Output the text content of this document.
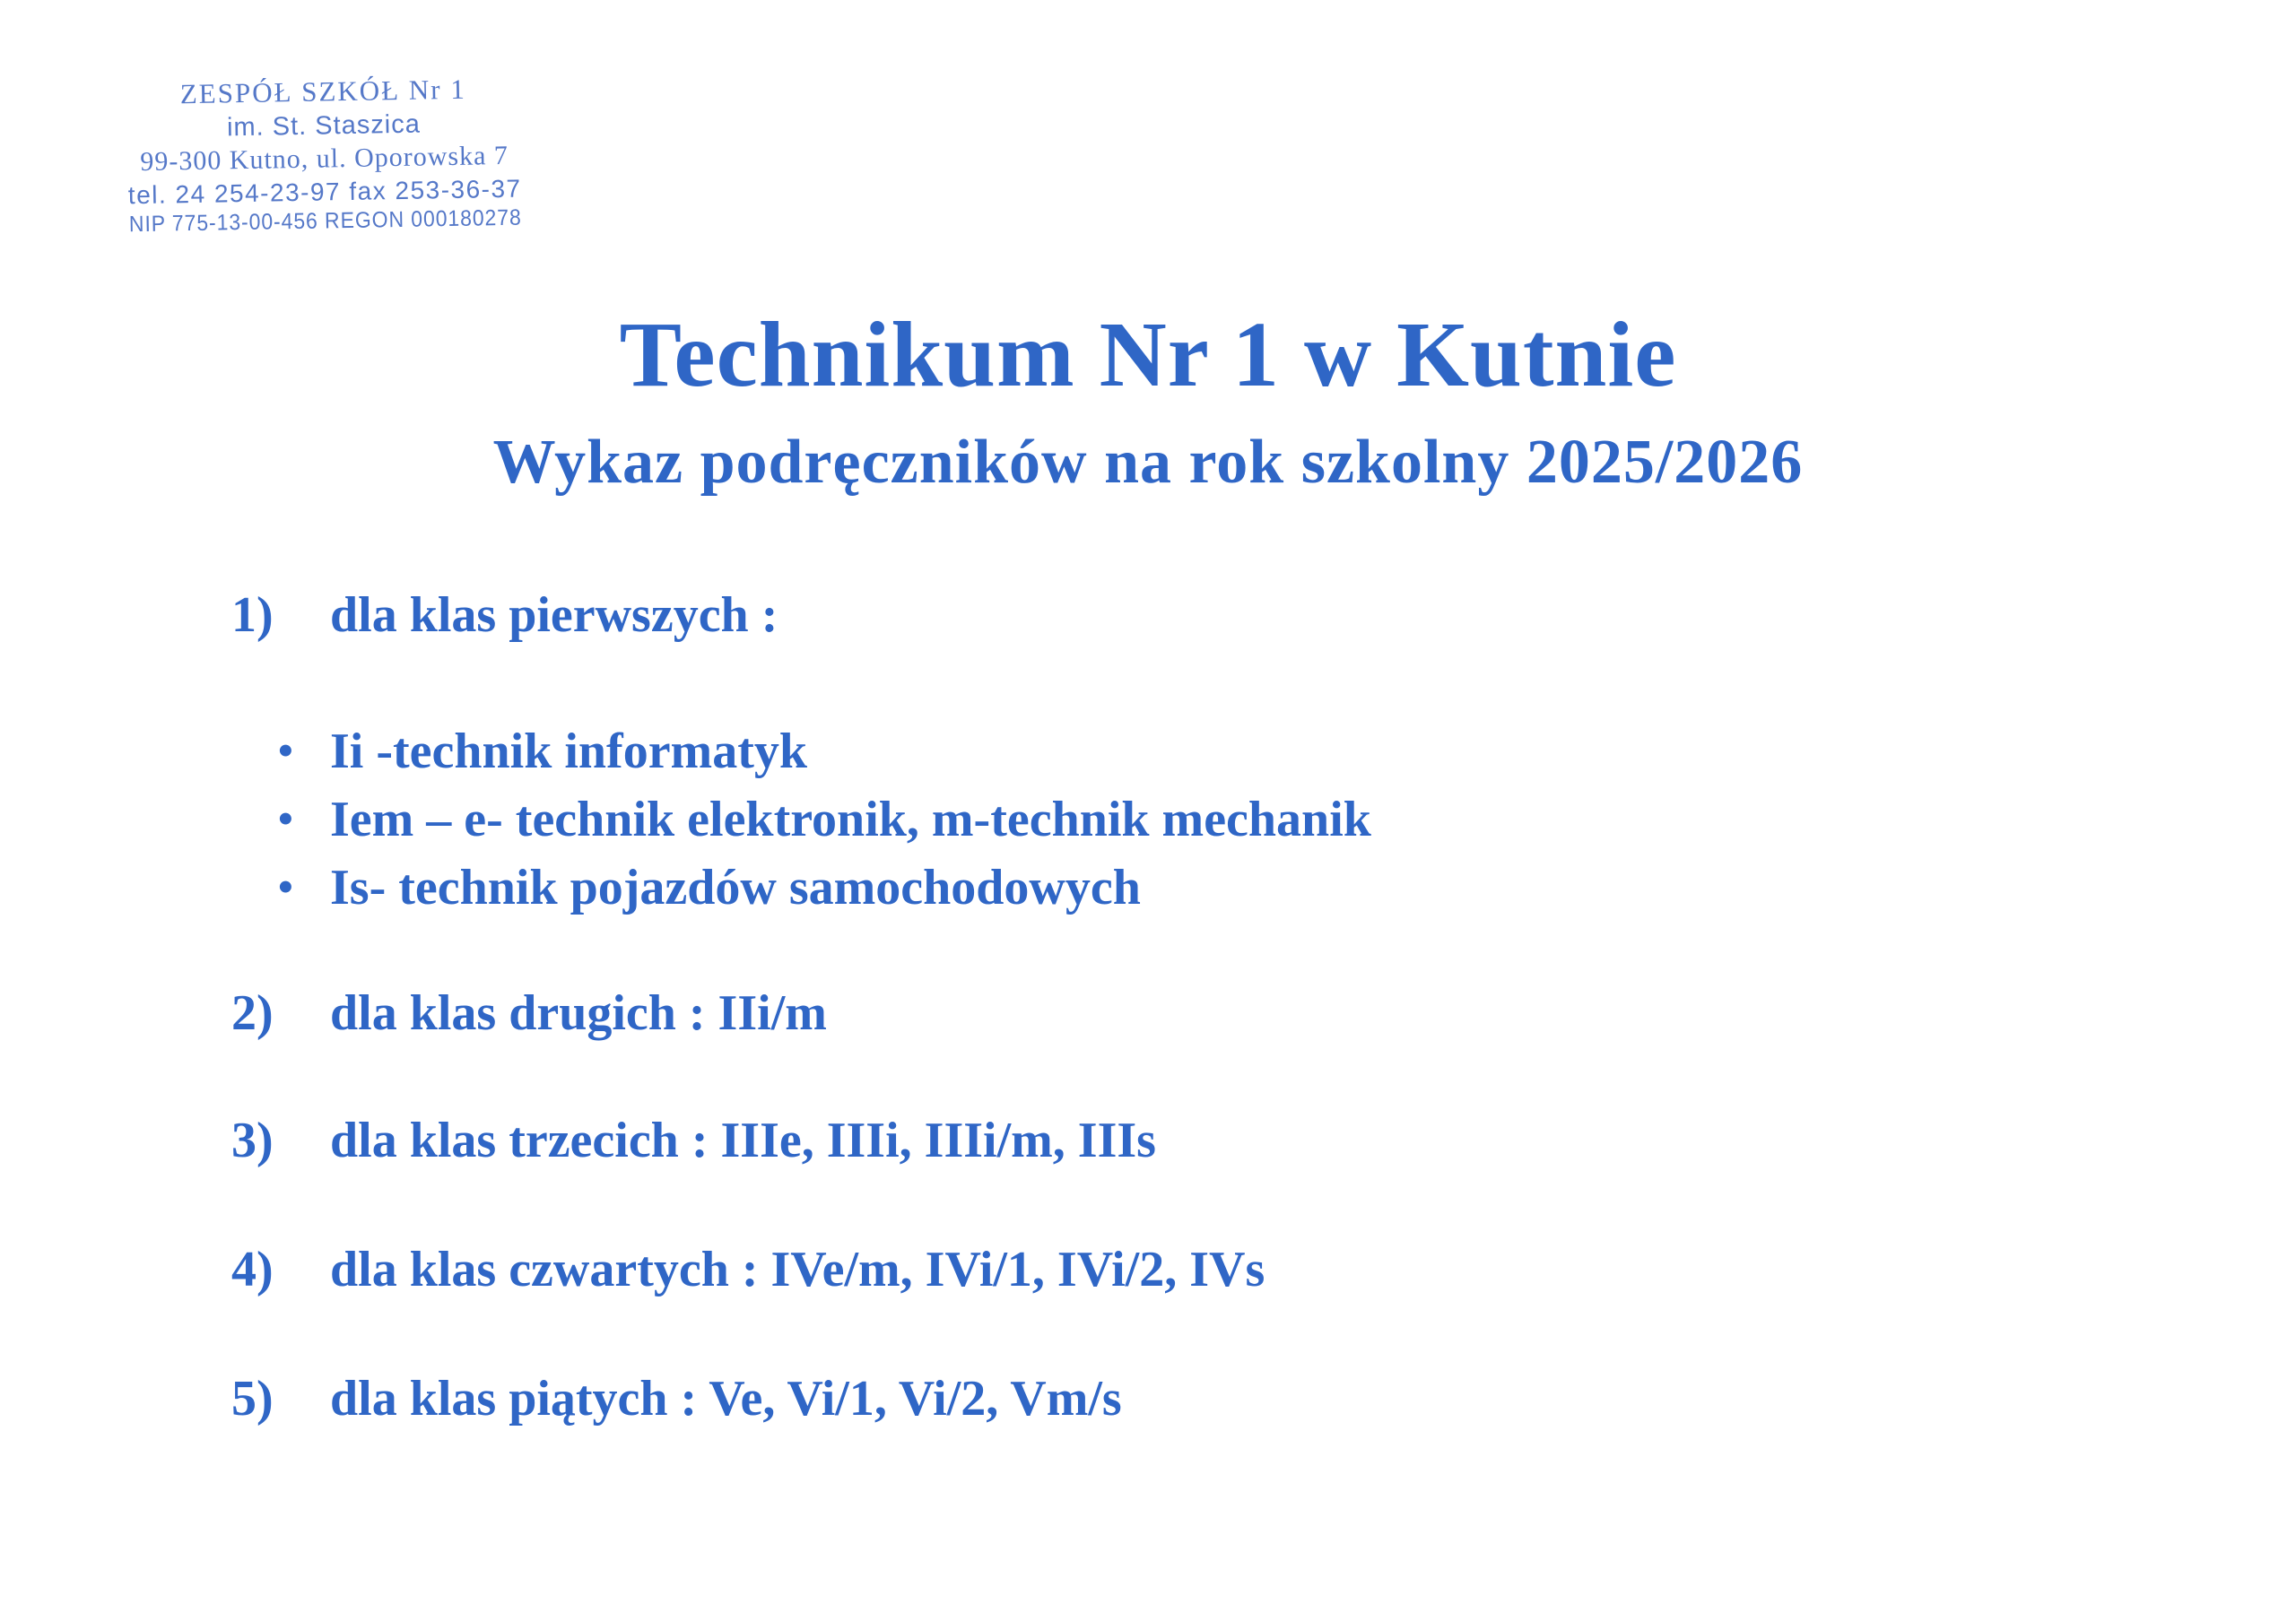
ZESPÓŁ SZKÓŁ Nr 1
im. St. Staszica
99-300 Kutno, ul. Oporowska 7
tel. 24 254-23-97 fax 253-36-37
NIP 775-13-00-456 REGON 000180278
Technikum Nr 1 w Kutnie
Wykaz podręczników na rok szkolny 2025/2026
1) dla klas pierwszych :
• Ii -technik informatyk
• Iem – e- technik elektronik, m-technik mechanik
• Is- technik pojazdów samochodowych
2) dla klas drugich : IIi/m
3) dla klas trzecich : IIIe, IIIi, IIIi/m, IIIs
4) dla klas czwartych : IVe/m, IVi/1, IVi/2, IVs
5) dla klas piątych : Ve, Vi/1, Vi/2, Vm/s
